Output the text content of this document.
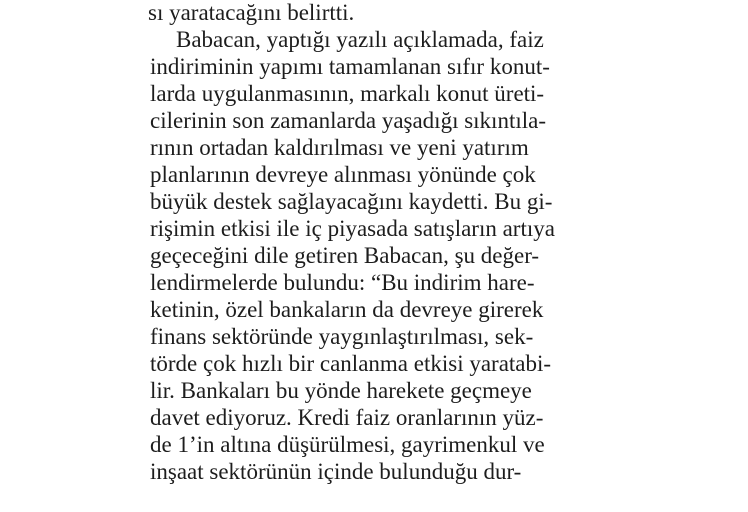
sı yaratacağını belirtti.
Babacan, yaptığı yazılı açıklamada, faiz
indiriminin yapımı tamamlanan sıfır konut-
larda uygulanmasının, markalı konut üreti-
cilerinin son zamanlarda yaşadığı sıkıntıla-
rının ortadan kaldırılması ve yeni yatırım
planlarının devreye alınması yönünde çok
büyük destek sağlayacağını kaydetti. Bu gi-
rişimin etkisi ile iç piyasada satışların artıya
geçeceğini dile getiren Babacan, şu değer-
lendirmelerde bulundu: “Bu indirim hare-
ketinin, özel bankaların da devreye girerek
finans sektöründe yaygınlaştırılması, sek-
törde çok hızlı bir canlanma etkisi yaratabi-
lir. Bankaları bu yönde harekete geçmeye
davet ediyoruz. Kredi faiz oranlarının yüz-
de 1’in altına düşürülmesi, gayrimenkul ve
inşaat sektörünün içinde bulunduğu dur-
